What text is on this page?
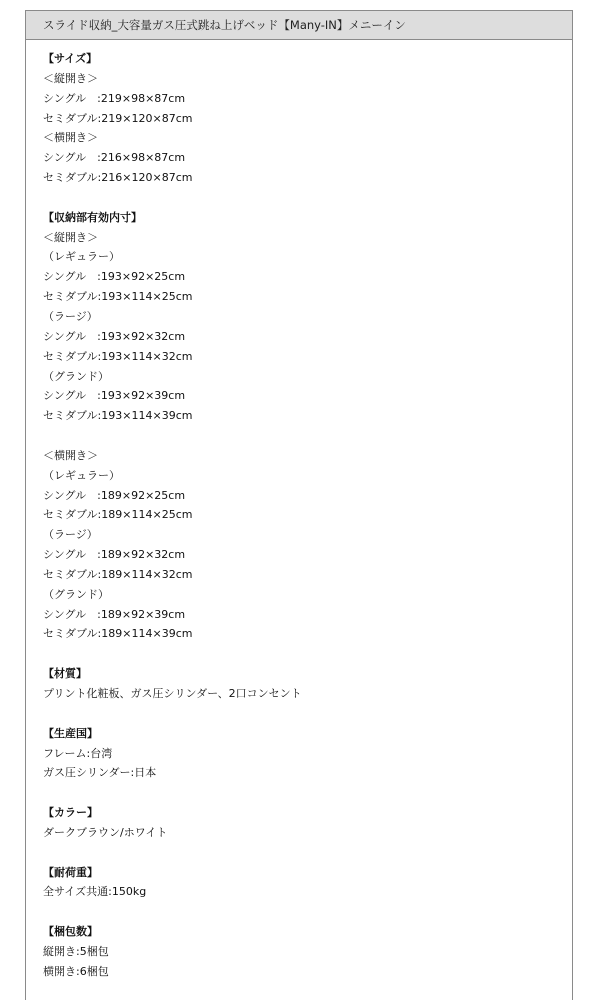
スライド収納_大容量ガス圧式跳ね上げベッド【Many-IN】メニーイン
【サイズ】
＜縦開き＞
シングル　:219×98×87cm
セミダブル:219×120×87cm
＜横開き＞
シングル　:216×98×87cm
セミダブル:216×120×87cm
【収納部有効内寸】
＜縦開き＞
（レギュラー）
シングル　:193×92×25cm
セミダブル:193×114×25cm
（ラージ）
シングル　:193×92×32cm
セミダブル:193×114×32cm
（グランド）
シングル　:193×92×39cm
セミダブル:193×114×39cm
＜横開き＞
（レギュラー）
シングル　:189×92×25cm
セミダブル:189×114×25cm
（ラージ）
シングル　:189×92×32cm
セミダブル:189×114×32cm
（グランド）
シングル　:189×92×39cm
セミダブル:189×114×39cm
【材質】
プリント化粧板、ガス圧シリンダー、2口コンセント
【生産国】
フレーム:台湾
ガス圧シリンダー:日本
【カラー】
ダークブラウン/ホワイト
【耐荷重】
全サイズ共通:150kg
【梱包数】
縦開き:5梱包
横開き:6梱包
